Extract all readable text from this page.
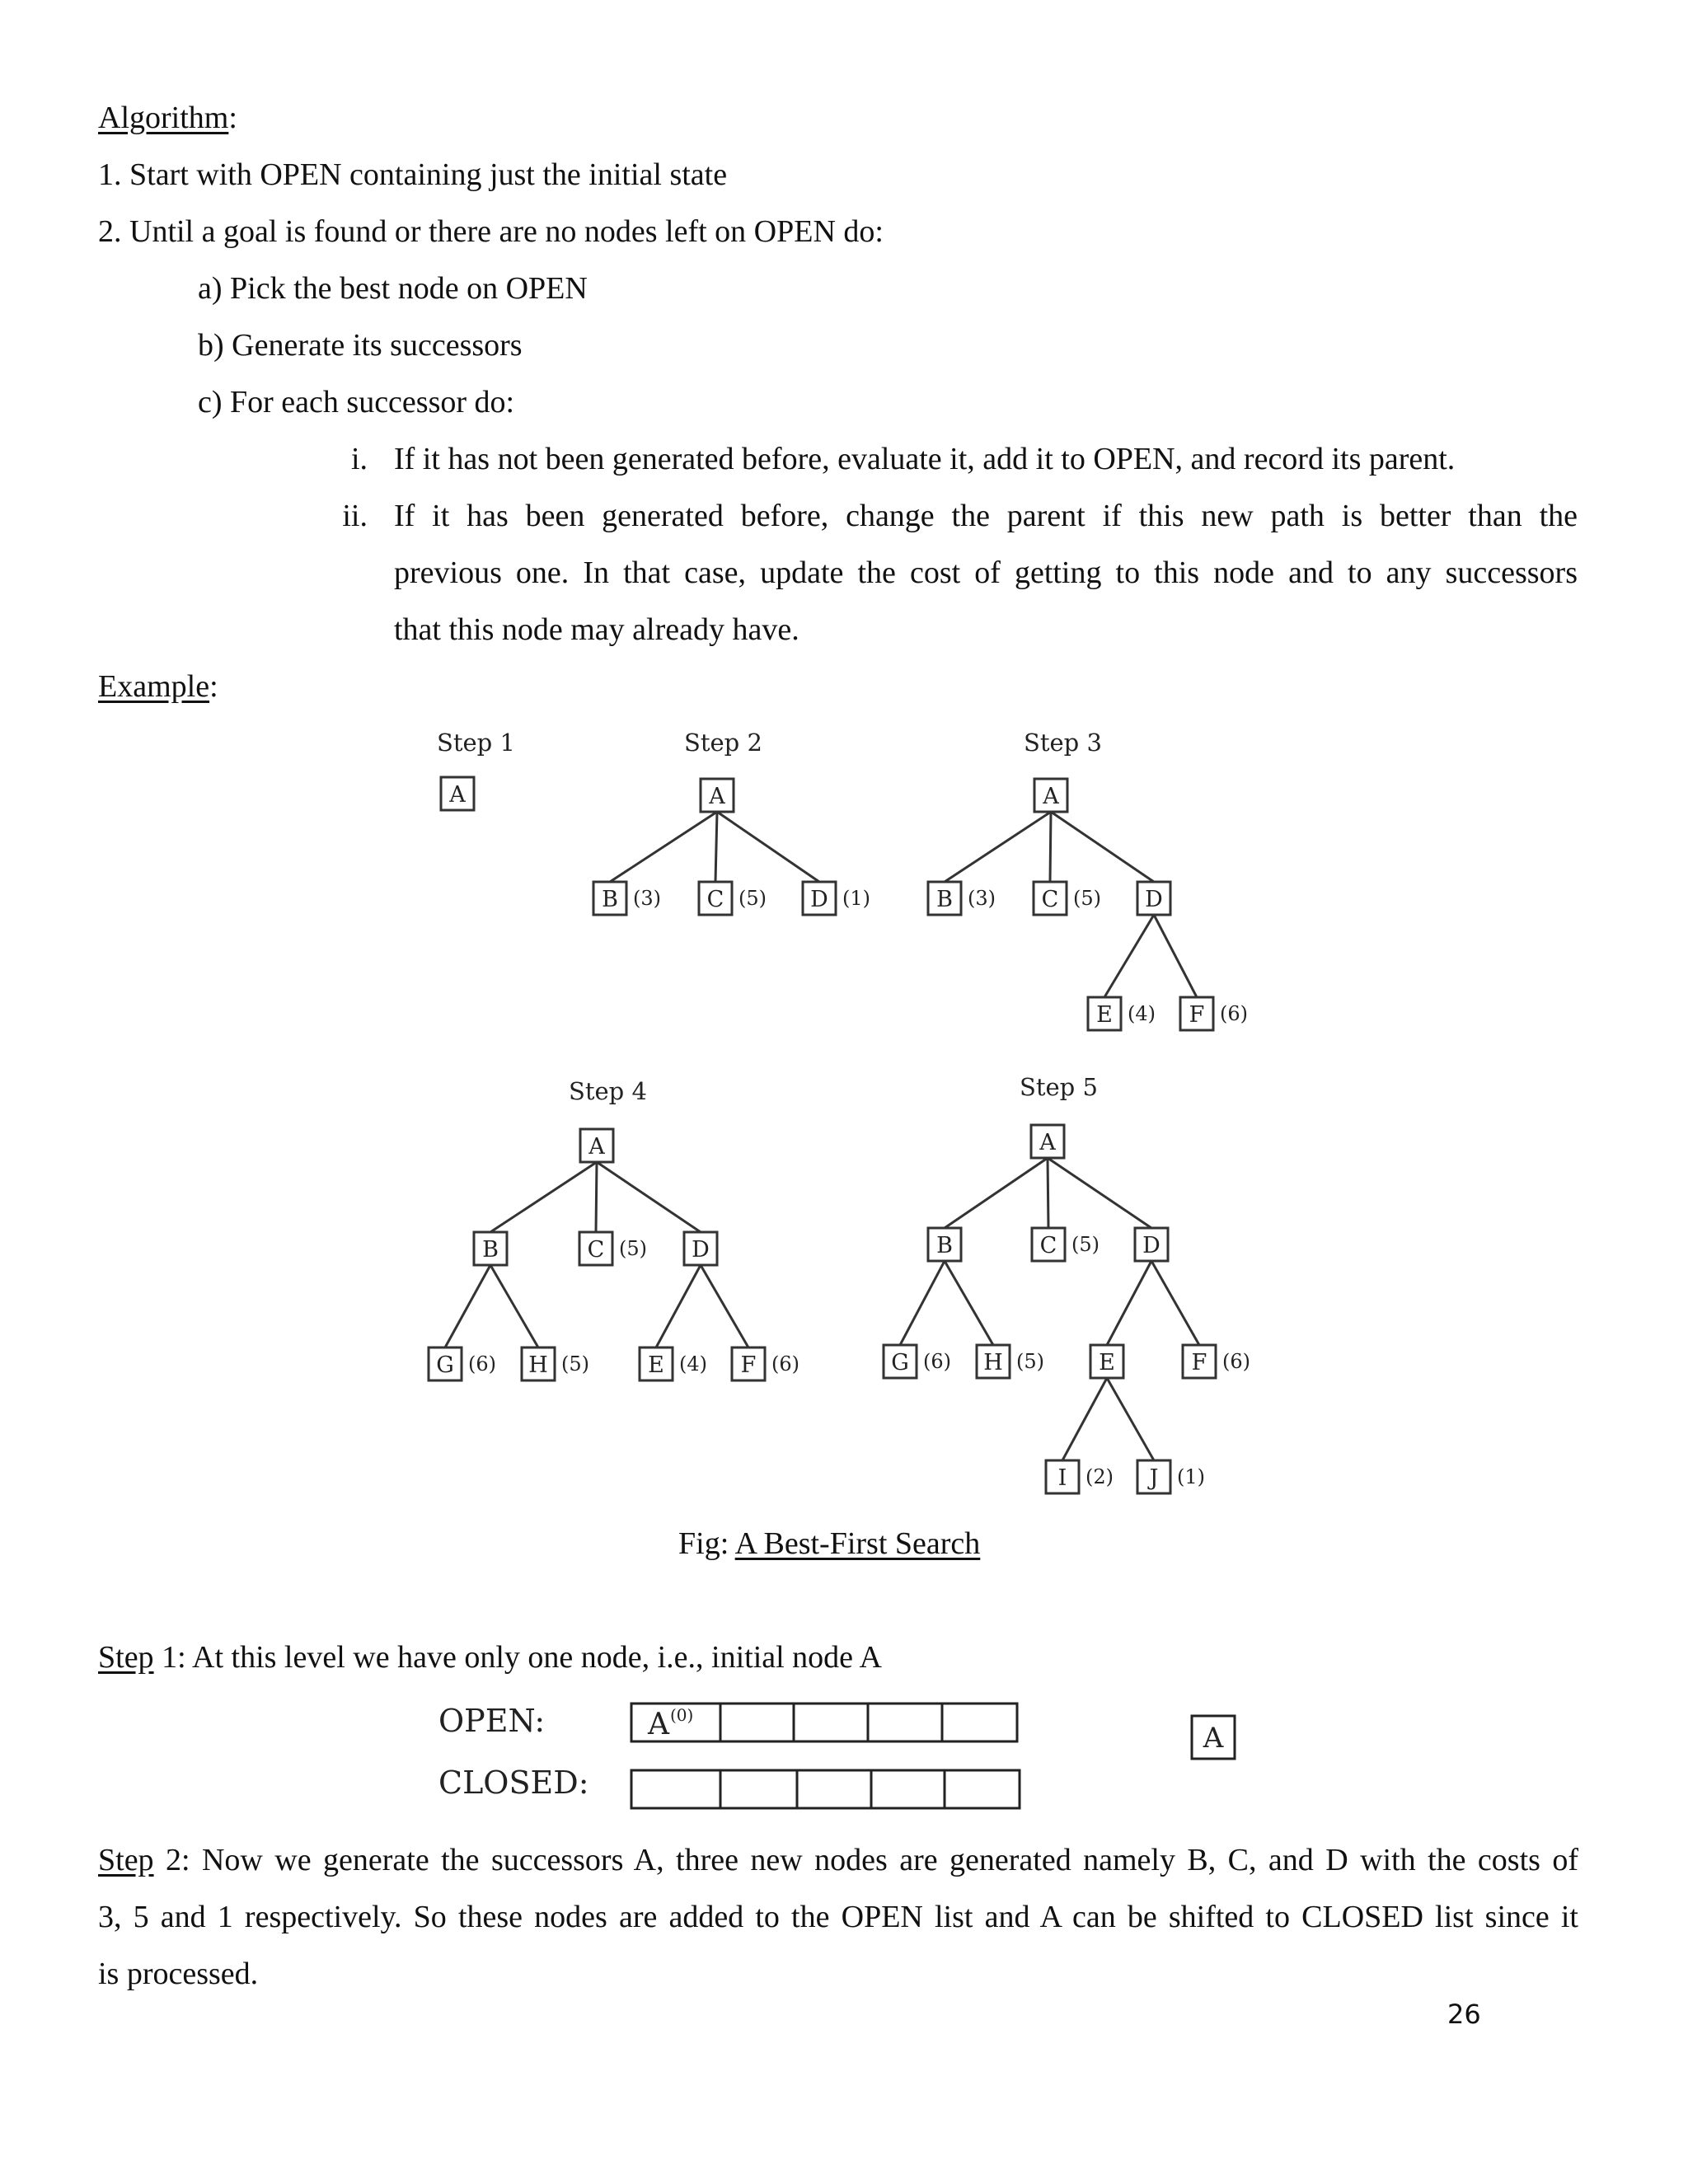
Algorithm:
1. Start with OPEN containing just the initial state
2. Until a goal is found or there are no nodes left on OPEN do:
a) Pick the best node on OPEN
b) Generate its successors
c) For each successor do:
i. If it has not been generated before, evaluate it, add it to OPEN, and record its parent.
ii. If it has been generated before, change the parent if this new path is better than the
previous one. In that case, update the cost of getting to this node and to any successors
that this node may already have.
Example:
Step 1	Step 2	Step 3
Step 4	Step 5
A	A
B (3) C (5) D (1)
A
B (3) C (5) D
E (4) F (6)
A
B	C (5) D
G (6) H (5)	E (4) F (6)
A
B	C (5) D
G (6) H (5) E	F (6)
I (2) J (1)
Fig: A Best-First Search
Step 1: At this level we have only one node, i.e., initial node A
OPEN:
CLOSED:
A (0)
A
Step 2: Now we generate the successors A, three new nodes are generated namely B, C, and D with the costs of
3, 5 and 1 respectively. So these nodes are added to the OPEN list and A can be shifted to CLOSED list since it
is processed.
26
